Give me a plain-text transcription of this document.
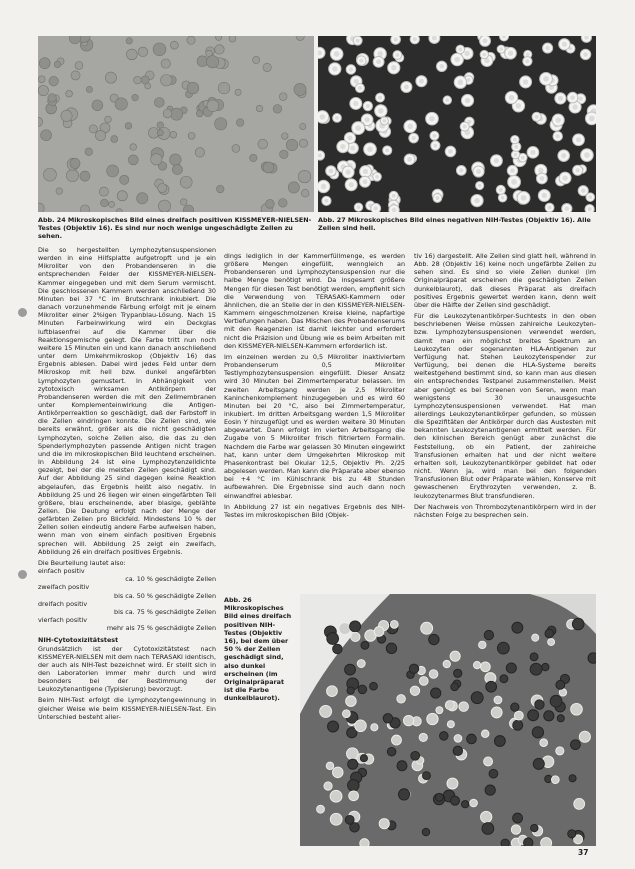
Abb. 24 Mikroskopisches Bild eines dreifach positiven KISSMEYER-NIELSEN-Testes (Objektiv 16). Es sind nur noch wenige ungeschädigte Zellen zu sehen.
Abb. 27 Mikroskopisches Bild eines negativen NIH-Testes (Objektiv 16). Alle Zellen sind hell.

Die so hergestellten Lymphozytensuspensionen werden in eine Hilfsplatte aufgetropft und je ein Mikroliter von den Probandenseren in die entsprechenden Felder der KISSMEYER-NIELSEN-Kammer eingegeben und mit dem Serum vermischt. Die geschlossenen Kammern werden anschließend 30 Minuten bei 37 °C im Brutschrank inkubiert. Die danach vorzunehmende Färbung erfolgt mit je einem Mikroliter einer 2%igen Trypanblau-Lösung. Nach 15 Minuten Farbeinwirkung wird ein Deckglas luftblasenfrei auf die Kammer über die Reaktionsgemische gelegt. Die Farbe tritt nun noch weitere 15 Minuten ein und kann danach anschließend unter dem Umkehrmikroskop (Objektiv 16) das Ergebnis ablesen. Dabei wird jedes Feld unter dem Mikroskop mit hell bzw. dunkel angefärbten Lymphozyten gemustert. In Abhängigkeit von zytotoxisch wirksamen Antikörpern der Probandenseren werden die mit den Zellmembranen unter Komplementeinwirkung die Antigen-Antikörperreaktion so geschädigt, daß der Farbstoff in die Zellen eindringen konnte. Die Zellen sind, wie bereits erwähnt, größer als die nicht geschädigten Lymphozyten, solche Zellen also, die das zu den Spenderlymphozyten passende Antigen nicht tragen und die im mikroskopischen Bild leuchtend erscheinen. In Abbildung 24 ist eine Lymphozytenzelldichte gezeigt, bei der die meisten Zellen geschädigt sind. Auf der Abbildung 25 sind dagegen keine Reaktion abgelaufen, das Ergebnis heißt also negativ. In Abbildung 25 und 26 liegen wir einen eingefärbten Teil größere, blau erscheinende, aber blasige, geblähte Zellen. Die Deutung erfolgt nach der Menge der gefärbten Zellen pro Blickfeld. Mindestens 10 % der Zellen sollen eindeutig andere Farbe aufweisen haben, wenn man von einem einfach positiven Ergebnis sprechen will. Abbildung 25 zeigt ein zweifach, Abbildung 26 ein dreifach positives Ergebnis.

Die Beurteilung lautet also:

einfach positiv

ca. 10 % geschädigte Zellen

zweifach positiv

bis ca. 50 % geschädigte Zellen

dreifach positiv

bis ca. 75 % geschädigte Zellen

vierfach positiv

mehr als 75 % geschädigte Zellen

NIH-Cytotoxizitätstest

Grundsätzlich ist der Cytotoxizitätstest nach KISSMEYER-NIELSEN mit dem nach TERASAKI identisch, der auch als NIH-Test bezeichnet wird. Er stellt sich in den Laboratorien immer mehr durch und wird besonders bei der Bestimmung der Leukozytenantigene (Typisierung) bevorzugt.

Beim NIH-Test erfolgt die Lymphozytengewinnung in gleicher Weise wie beim KISSMEYER-NIELSEN-Test. Ein Unterschied besteht aller-

dings lediglich in der Kammerfüllmenge, es werden größere Mengen eingefüllt, wenngleich an Probandenseren und Lymphozytensuspension nur die halbe Menge benötigt wird. Da insgesamt größere Mengen für diesen Test benötigt werden, empfiehlt sich die Verwendung von TERASAKI-Kammern oder ähnlichen, die an Stelle der in den KISSMEYER-NIELSEN-Kammern eingeschmolzenen Kreise kleine, napfartige Vertiefungen haben. Das Mischen des Probandenserums mit den Reagenzien ist damit leichter und erfordert nicht die Präzision und Übung wie es beim Arbeiten mit den KISSMEYER-NIELSEN-Kammern erforderlich ist.

Im einzelnen werden zu 0,5 Mikroliter inaktiviertem Probandenserum 0,5 Mikroliter Testlymphozytensuspension eingefüllt. Dieser Ansatz wird 30 Minuten bei Zimmertemperatur belassen. Im zweiten Arbeitsgang werden je 2,5 Mikroliter Kaninchenkomplement hinzugegeben und es wird 60 Minuten bei 20 °C, also bei Zimmertemperatur, inkubiert. Im dritten Arbeitsgang werden 1,5 Mikroliter Eosin Y hinzugefügt und es werden weitere 30 Minuten abgewartet. Dann erfolgt im vierten Arbeitsgang die Zugabe von 5 Mikroliter frisch filtriertem Formalin. Nachdem die Farbe war gelassen 30 Minuten eingewirkt hat, kann unter dem Umgekehrten Mikroskop mit Phasenkontrast bei Okular 12,5, Objektiv Ph. 2/25 abgelesen werden. Man kann die Präparate aber ebenso bei +4 °C im Kühlschrank bis zu 48 Stunden aufbewahren. Die Ergebnisse sind auch dann noch einwandfrei ablesbar.

In Abbildung 27 ist ein negatives Ergebnis des NIH-Testes im mikroskopischen Bild (Objek-

tiv 16) dargestellt. Alle Zellen sind glatt hell, während in Abb. 28 (Objektiv 16) keine noch ungefärbte Zellen zu sehen sind. Es sind so viele Zellen dunkel (im Originalpräparat erscheinen die geschädigten Zellen dunkelblaurot), daß dieses Präparat als dreifach positives Ergebnis gewertet werden kann, denn weit über die Hälfte der Zellen sind geschädigt.

Für die Leukozytenantikörper-Suchtests in den oben beschriebenen Weise müssen zahlreiche Leukozyten- bzw. Lymphozytensuspensionen verwendet werden, damit man ein möglichst breites Spektrum an Leukozyten oder sogenannten HLA-Antigenen zur Verfügung hat. Stehen Leukozytenspender zur Verfügung, bei denen die HLA-Systeme bereits weitestgehend bestimmt sind, so kann man aus diesen ein entsprechendes Testpanel zusammenstellen. Meist aber genügt es bei Screenen von Seren, wenn man wenigstens 30 unausgesuchte Lymphozytensuspensionen verwendet. Hat man allerdings Leukozytenantikörper gefunden, so müssen die Spezifitäten der Antikörper durch das Austesten mit bekannten Leukozytenantigenen ermittelt werden. Für den klinischen Bereich genügt aber zunächst die Feststellung, ob ein Patient, der zahlreiche Transfusionen erhalten hat und der nicht weitere erhalten soll, Leukozytenantikörper gebildet hat oder nicht. Wenn ja, wird man bei den folgenden Transfusionen Blut oder Präparate wählen, Konserve mit gewaschenen Erythrozyten verwenden, z. B. leukozytenarmes Blut transfundieren.

Der Nachweis von Thrombozytenantikörpern wird in der nächsten Folge zu besprechen sein.

Abb. 26 Mikroskopisches Bild eines dreifach positiven NIH-Testes (Objektiv 16), bei dem über 50 % der Zellen geschädigt sind, also dunkel erscheinen (im Originalpräparat ist die Farbe dunkelblaurot).
37
